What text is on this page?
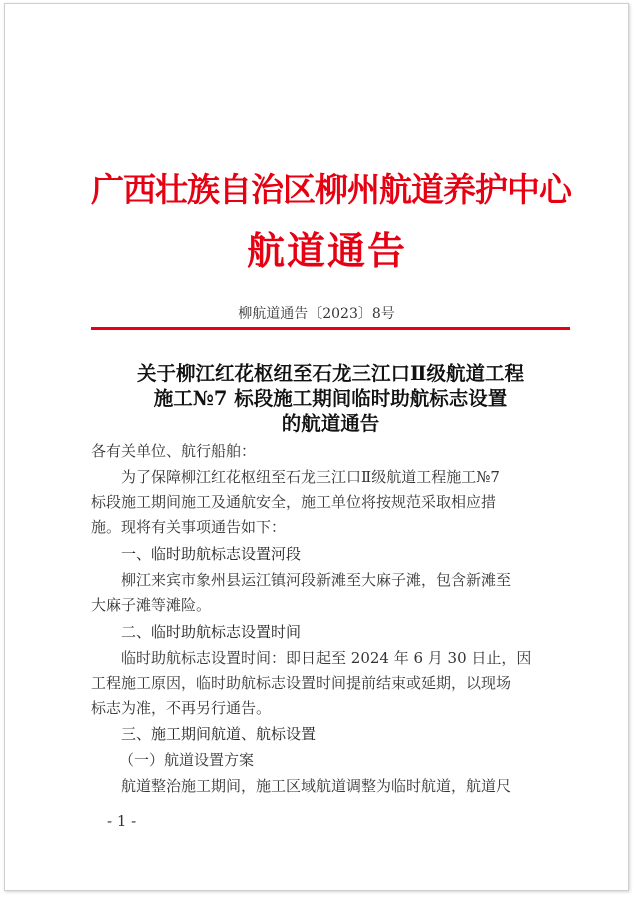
广西壮族自治区柳州航道养护中心
航道通告
柳航道通告〔2023〕8号
关于柳江红花枢纽至石龙三江口Ⅱ级航道工程
施工№7 标段施工期间临时助航标志设置
的航道通告
各有关单位、航行船舶：
为了保障柳江红花枢纽至石龙三江口Ⅱ级航道工程施工№7
标段施工期间施工及通航安全，施工单位将按规范采取相应措
施。现将有关事项通告如下：
一、临时助航标志设置河段
柳江来宾市象州县运江镇河段新滩至大麻子滩，包含新滩至
大麻子滩等滩险。
二、临时助航标志设置时间
临时助航标志设置时间：即日起至 2024 年 6 月 30 日止，因
工程施工原因，临时助航标志设置时间提前结束或延期，以现场
标志为准，不再另行通告。
三、施工期间航道、航标设置
（一）航道设置方案
航道整治施工期间，施工区域航道调整为临时航道，航道尺
- 1 -
